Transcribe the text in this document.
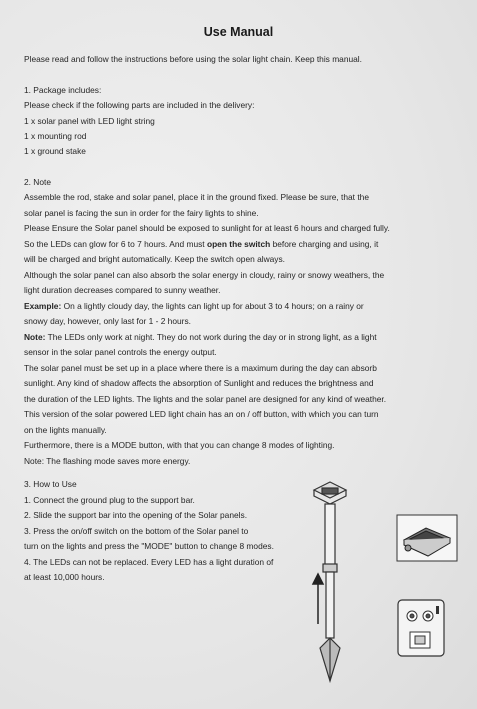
Use Manual
Please read and follow the instructions before using the solar light chain. Keep this manual.
1. Package includes:
Please check if the following parts are included in the delivery:
1 x solar panel with LED light string
1 x mounting rod
1 x ground stake
2. Note
Assemble the rod, stake and solar panel, place it in the ground fixed. Please be sure, that the
solar panel is facing the sun in order for the fairy lights to shine.
Please Ensure the Solar panel should be exposed to sunlight for at least 6 hours and charged fully.
So the LEDs can glow for 6 to 7 hours. And must open the switch before charging and using, it
will be charged and bright automatically. Keep the switch open always.
Although the solar panel can also absorb the solar energy in cloudy, rainy or snowy weathers, the
light duration decreases compared to sunny weather.
Example: On a lightly cloudy day, the lights can light up for about 3 to 4 hours; on a rainy or
snowy day, however, only last for 1 - 2 hours.
Note: The LEDs only work at night. They do not work during the day or in strong light, as a light
sensor in the solar panel controls the energy output.
The solar panel must be set up in a place where there is a maximum during the day can absorb
sunlight. Any kind of shadow affects the absorption of Sunlight and reduces the brightness and
the duration of the LED lights. The lights and the solar panel are designed for any kind of weather.
This version of the solar powered LED light chain has an on / off button, with which you can turn
on the lights manually.
Furthermore, there is a MODE button, with that you can change 8 modes of lighting.
Note: The flashing mode saves more energy.
3. How to Use
1. Connect the ground plug to the support bar.
2. Slide the support bar into the opening of the Solar panels.
3. Press the on/off switch on the bottom of the Solar panel to
turn on the lights and press the "MODE" button to change 8 modes.
4. The LEDs can not be replaced. Every LED has a light duration of
at least 10,000 hours.
